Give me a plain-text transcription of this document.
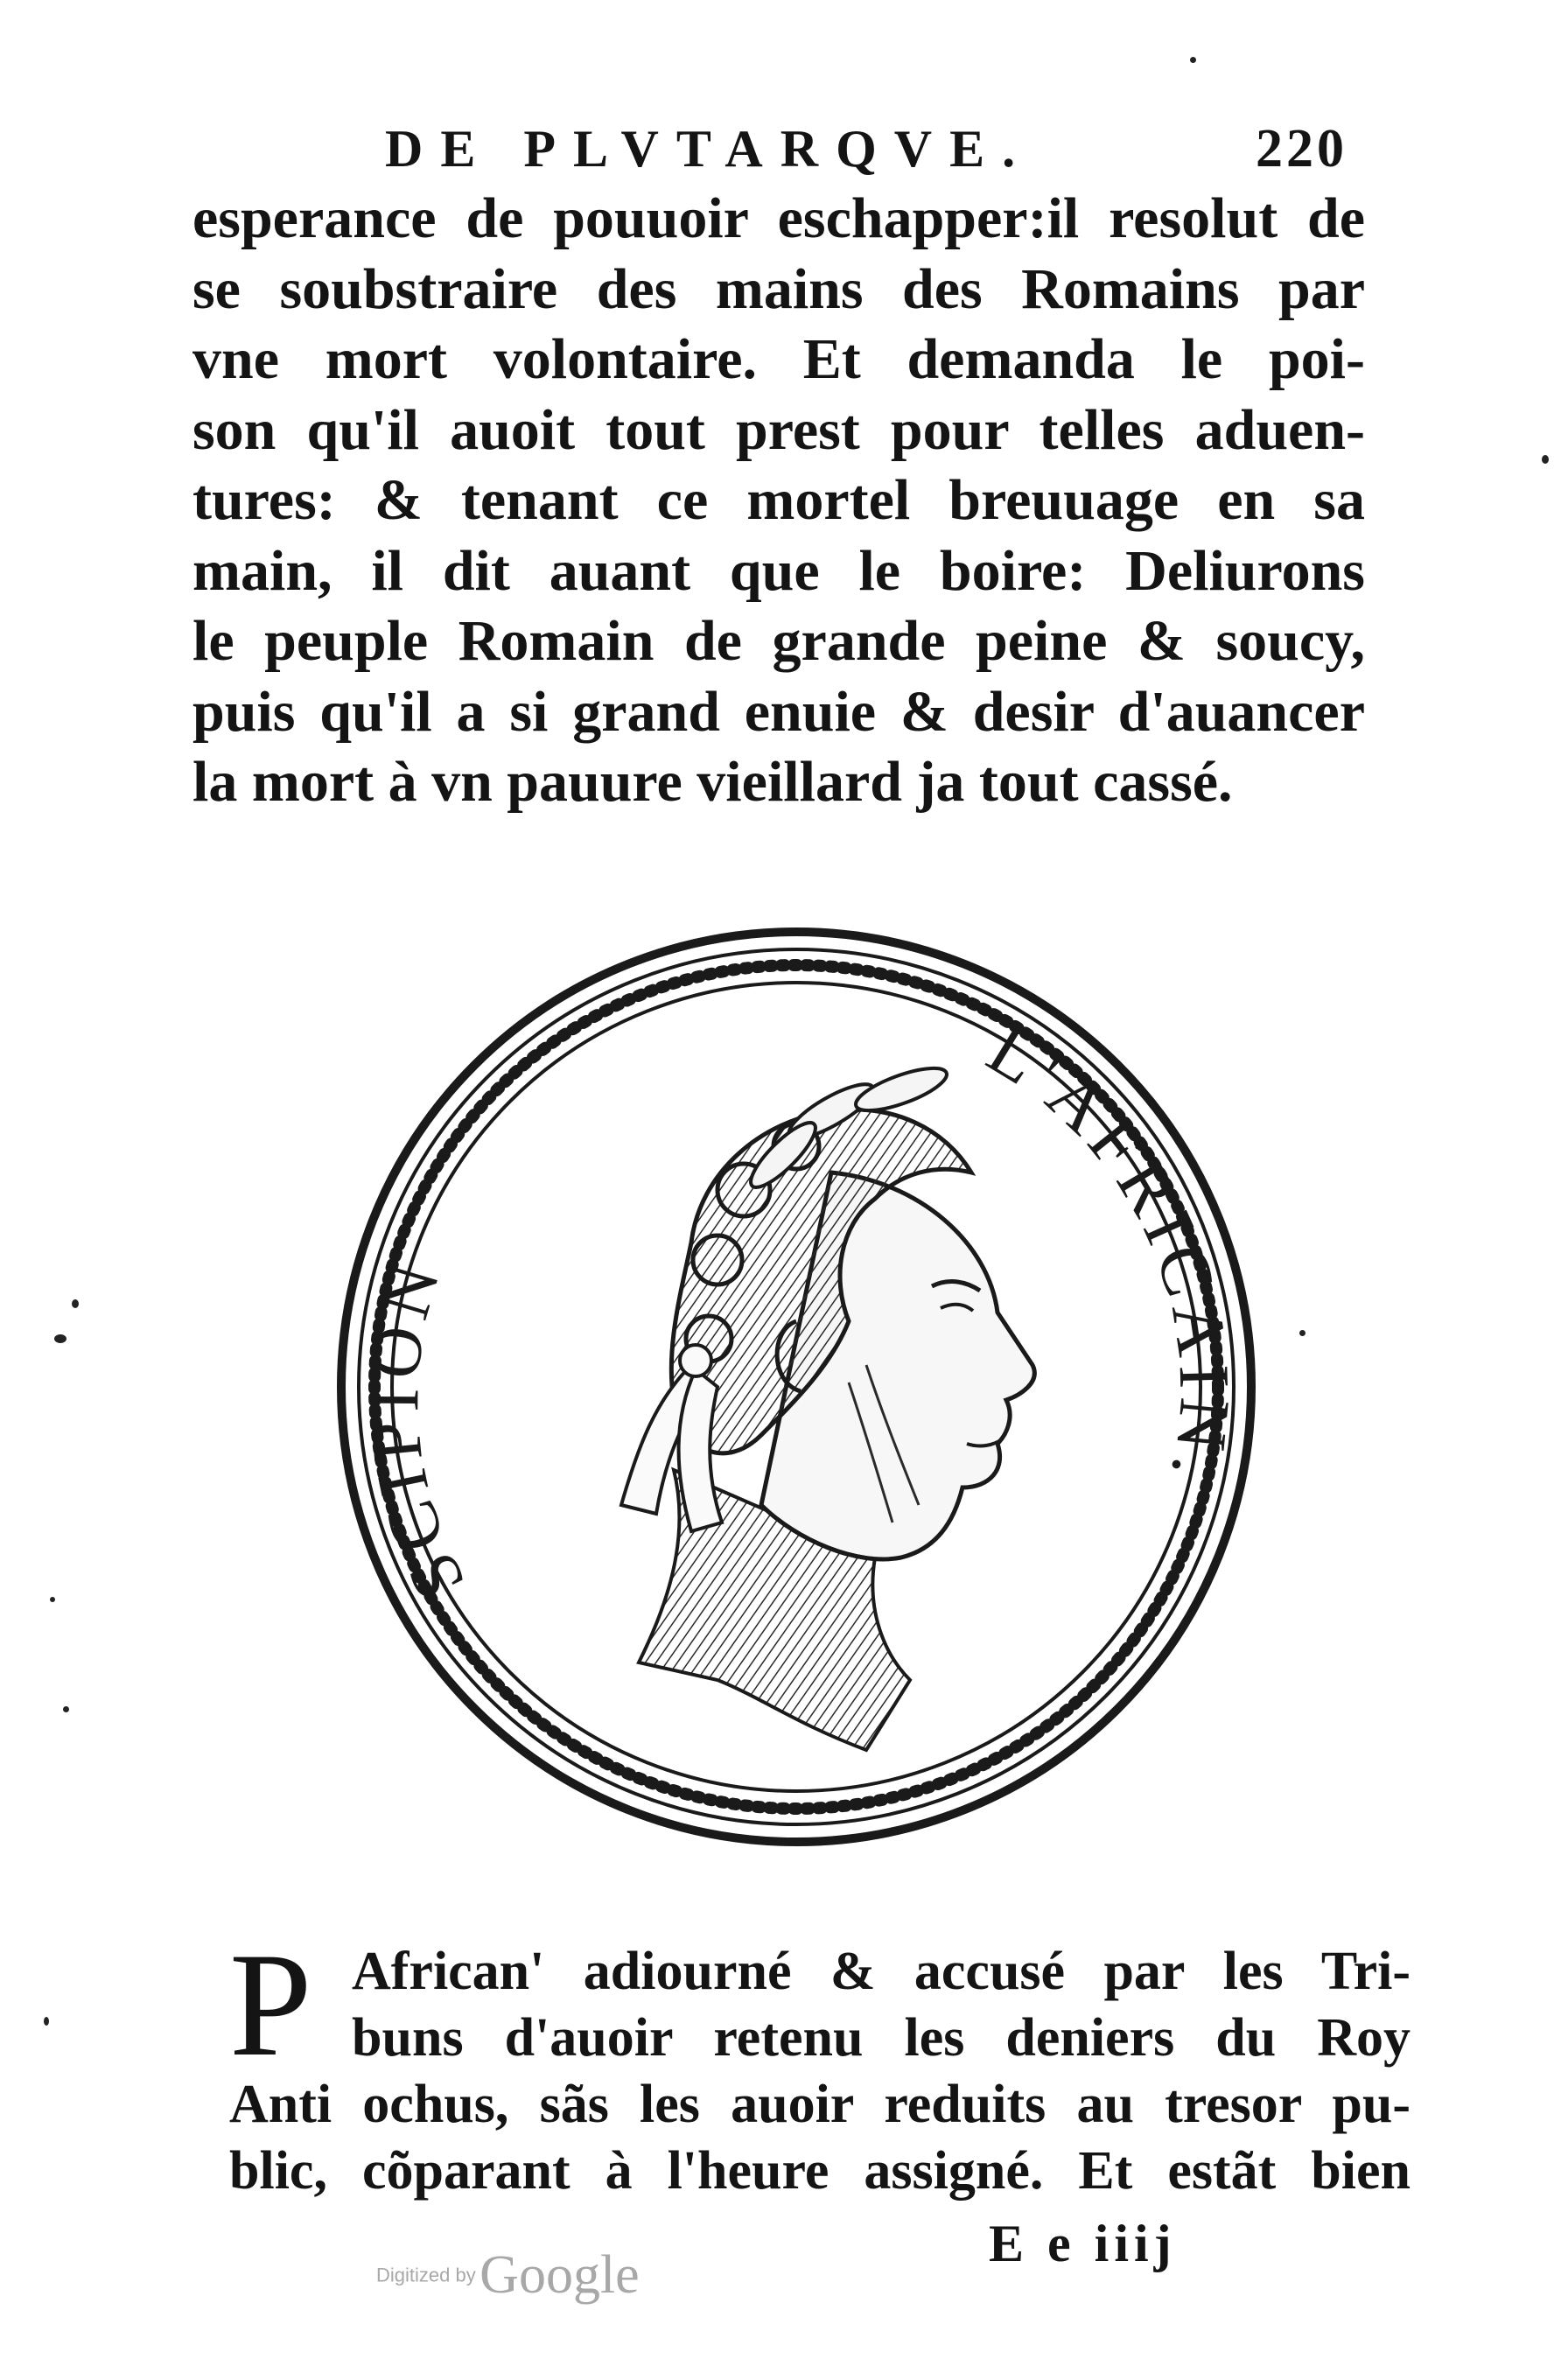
DE PLVTARQVE.	220
esperance de pouuoir eschapper:il resolut de
se soubstraire des mains des Romains par
vne mort volontaire. Et demanda le poi-
son qu'il auoit tout prest pour telles aduen-
tures: & tenant ce mortel breuuage en sa
main, il dit auant que le boire: Deliurons
le peuple Romain de grande peine & soucy,
puis qu'il a si grand enuie & desir d'auancer
la mort à vn pauure vieillard ja tout cassé.
SCIPION
L'AFRICAIN.
P African' adiourné & accusé par les Tri-
buns d'auoir retenu les deniers du Roy
Anti ochus, sãs les auoir reduits au tresor pu-
blic, cõparant à l'heure assigné. Et estãt bien
E e iiij
Digitized by Google
